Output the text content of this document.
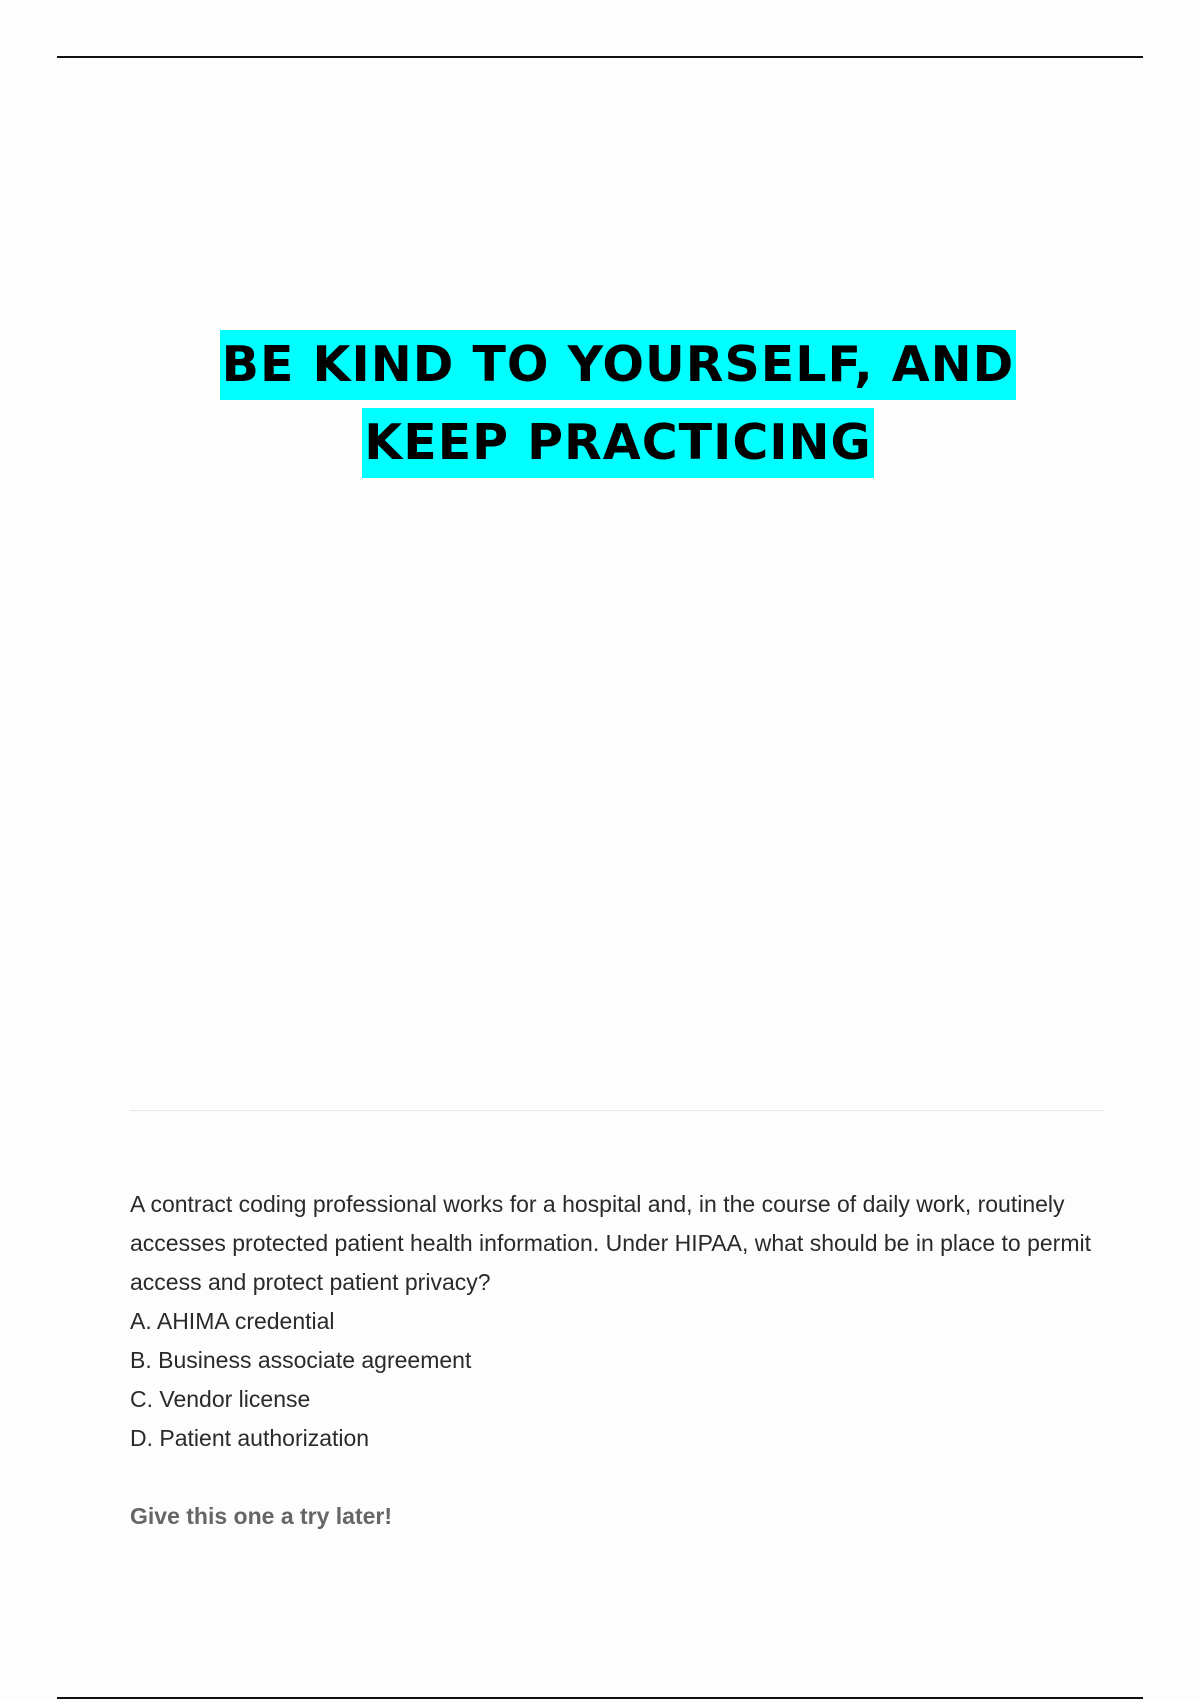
BE KIND TO YOURSELF, AND
KEEP PRACTICING

A contract coding professional works for a hospital and, in the course of daily work, routinely accesses protected patient health information. Under HIPAA, what should be in place to permit access and protect patient privacy?

A. AHIMA credential
B. Business associate agreement
C. Vendor license
D. Patient authorization
Give this one a try later!
